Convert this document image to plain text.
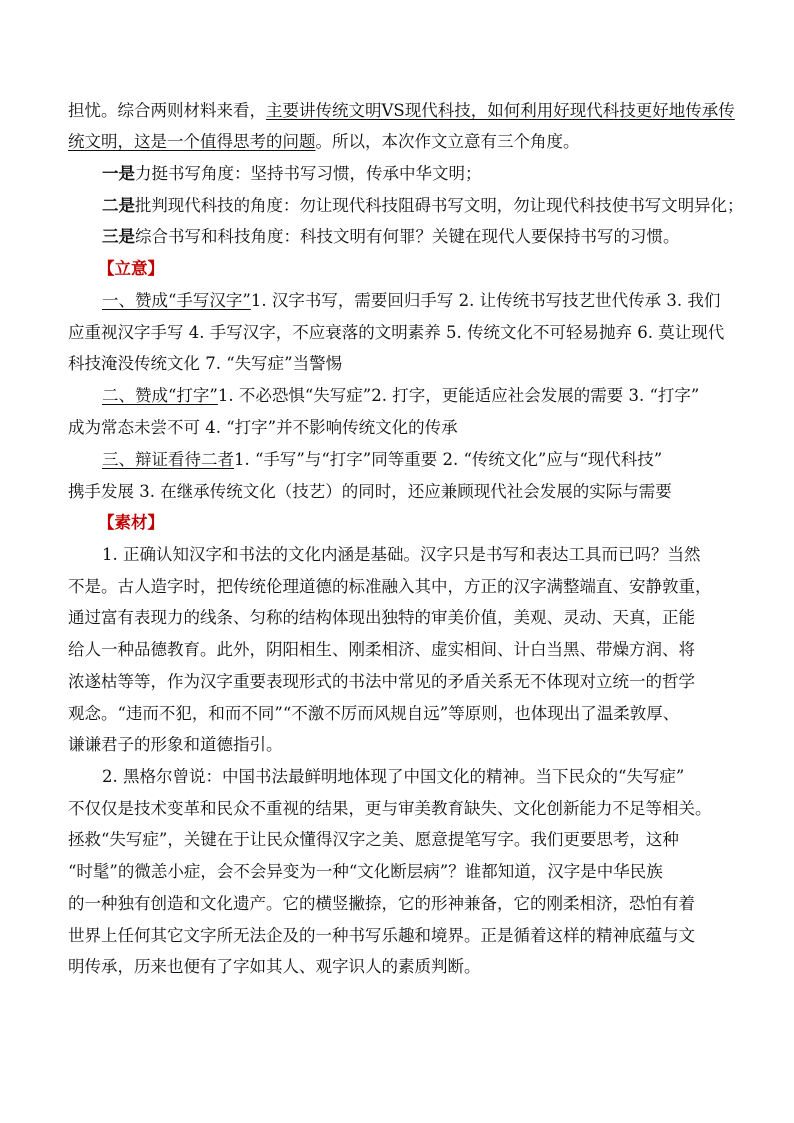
担忧。综合两则材料来看，主要讲传统文明VS现代科技，如何利用好现代科技更好地传承传
统文明，这是一个值得思考的问题。所以，本次作文立意有三个角度。
一是力挺书写角度：坚持书写习惯，传承中华文明；
二是批判现代科技的角度：勿让现代科技阻碍书写文明，勿让现代科技使书写文明异化；
三是综合书写和科技角度：科技文明有何罪？关键在现代人要保持书写的习惯。
【立意】
一、赞成“手写汉字”1. 汉字书写，需要回归手写 2. 让传统书写技艺世代传承 3. 我们
应重视汉字手写 4. 手写汉字，不应衰落的文明素养 5. 传统文化不可轻易抛弃 6. 莫让现代
科技淹没传统文化 7. “失写症”当警惕
二、赞成“打字”1. 不必恐惧“失写症”2. 打字，更能适应社会发展的需要 3. “打字”
成为常态未尝不可 4. “打字”并不影响传统文化的传承
三、辩证看待二者1. “手写”与“打字”同等重要 2. “传统文化”应与“现代科技”
携手发展 3. 在继承传统文化（技艺）的同时，还应兼顾现代社会发展的实际与需要
【素材】
1. 正确认知汉字和书法的文化内涵是基础。汉字只是书写和表达工具而已吗？当然
不是。古人造字时，把传统伦理道德的标准融入其中，方正的汉字满整端直、安静敦重，
通过富有表现力的线条、匀称的结构体现出独特的审美价值，美观、灵动、天真，正能
给人一种品德教育。此外，阴阳相生、刚柔相济、虚实相间、计白当黑、带燥方润、将
浓遂枯等等，作为汉字重要表现形式的书法中常见的矛盾关系无不体现对立统一的哲学
观念。“违而不犯，和而不同”“不激不厉而风规自远”等原则，也体现出了温柔敦厚、
谦谦君子的形象和道德指引。
2. 黑格尔曾说：中国书法最鲜明地体现了中国文化的精神。当下民众的“失写症”
不仅仅是技术变革和民众不重视的结果，更与审美教育缺失、文化创新能力不足等相关。
拯救“失写症”，关键在于让民众懂得汉字之美、愿意提笔写字。我们更要思考，这种
“时髦”的微恙小症，会不会异变为一种“文化断层病”？谁都知道，汉字是中华民族
的一种独有创造和文化遗产。它的横竖撇捺，它的形神兼备，它的刚柔相济，恐怕有着
世界上任何其它文字所无法企及的一种书写乐趣和境界。正是循着这样的精神底蕴与文
明传承，历来也便有了字如其人、观字识人的素质判断。
